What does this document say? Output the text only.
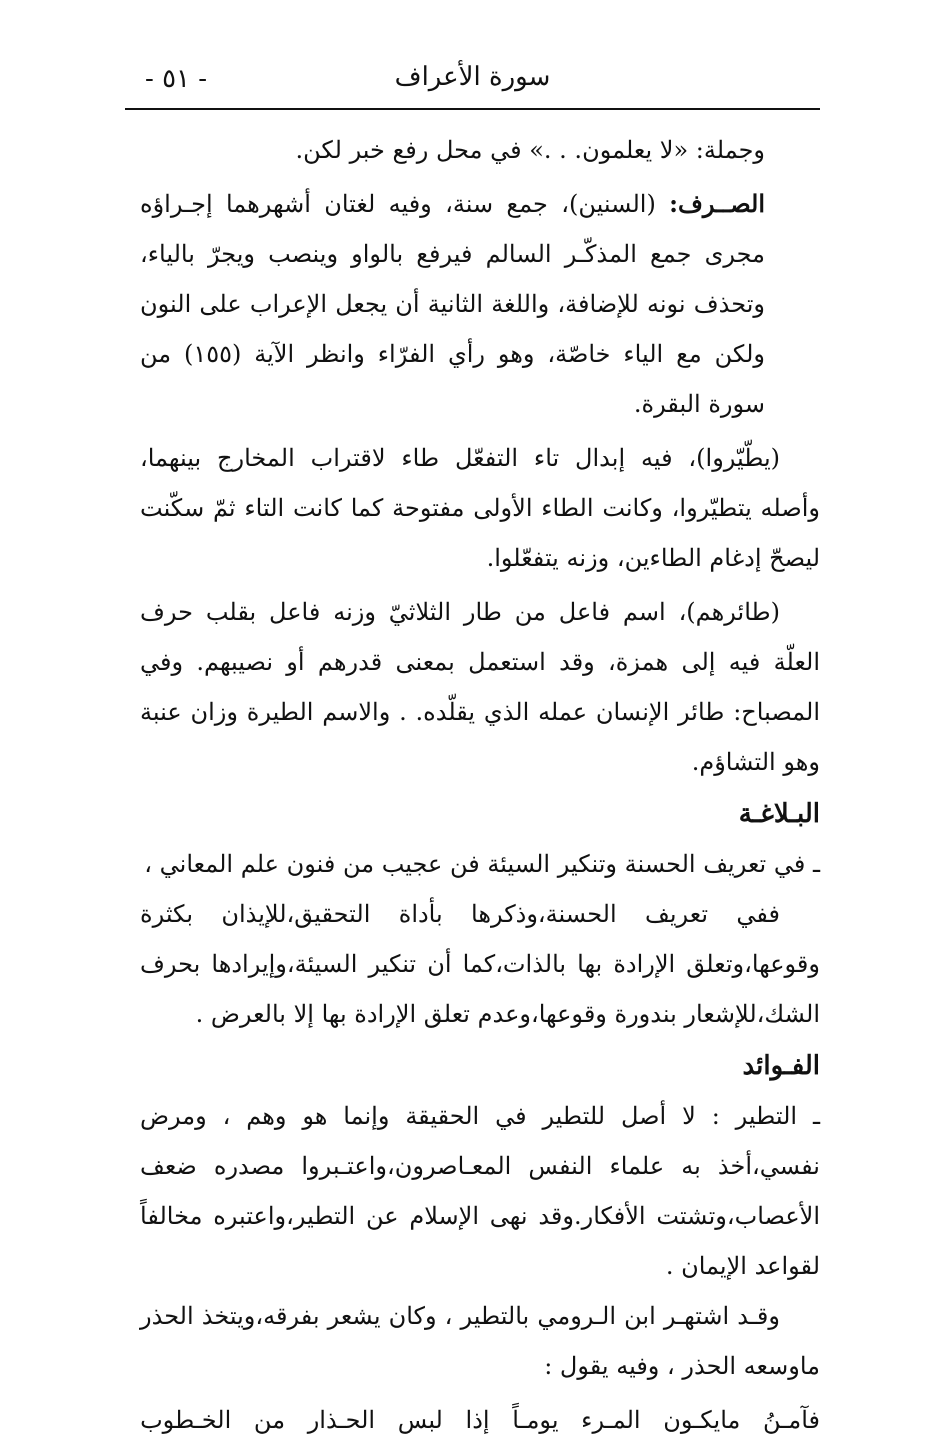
سورة الأعراف
- ٥١ -

وجملة: «لا يعلمون. . .» في محل رفع خبر لكن.

الصــرف: (السنين)، جمع سنة، وفيه لغتان أشهرهما إجـراؤه مجرى جمع المذكّـر السالم فيرفع بالواو وينصب ويجرّ بالياء، وتحذف نونه للإضافة، واللغة الثانية أن يجعل الإعراب على النون ولكن مع الياء خاصّة، وهو رأي الفرّاء وانظر الآية (١٥٥) من سورة البقرة.

(يطّيّروا)، فيه إبدال تاء التفعّل طاء لاقتراب المخارج بينهما، وأصله يتطيّروا، وكانت الطاء الأولى مفتوحة كما كانت التاء ثمّ سكّنت ليصحّ إدغام الطاءين، وزنه يتفعّلوا.

(طائرهم)، اسم فاعل من طار الثلاثيّ وزنه فاعل بقلب حرف العلّة فيه إلى همزة، وقد استعمل بمعنى قدرهم أو نصيبهم. وفي المصباح: طائر الإنسان عمله الذي يقلّده. . والاسم الطيرة وزان عنبة وهو التشاؤم.

البـلاغـة

ـ في تعريف الحسنة وتنكير السيئة فن عجيب من فنون علم المعاني ،

ففي تعريف الحسنة،وذكرها بأداة التحقيق،للإيذان بكثرة وقوعها،وتعلق الإرادة بها بالذات،كما أن تنكير السيئة،وإيرادها بحرف الشك،للإشعار بندورة وقوعها،وعدم تعلق الإرادة بها إلا بالعرض .

الفـوائد

ـ التطير : لا أصل للتطير في الحقيقة وإنما هو وهم ، ومرض نفسي،أخذ به علماء النفس المعـاصرون،واعتـبروا مصدره ضعف الأعصاب،وتشتت الأفكار.وقد نهى الإسلام عن التطير،واعتبره مخالفاً لقواعد الإيمان .

وقـد اشتهـر ابن الـرومي بالتطير ، وكان يشعر بفرقه،ويتخذ الحذر ماوسعه الحذر ، وفيه يقول :

فآمـنُ
مايكـون
المـرء
يومـاً
إذا
لبس
الحـذار
من
الخـطوب
